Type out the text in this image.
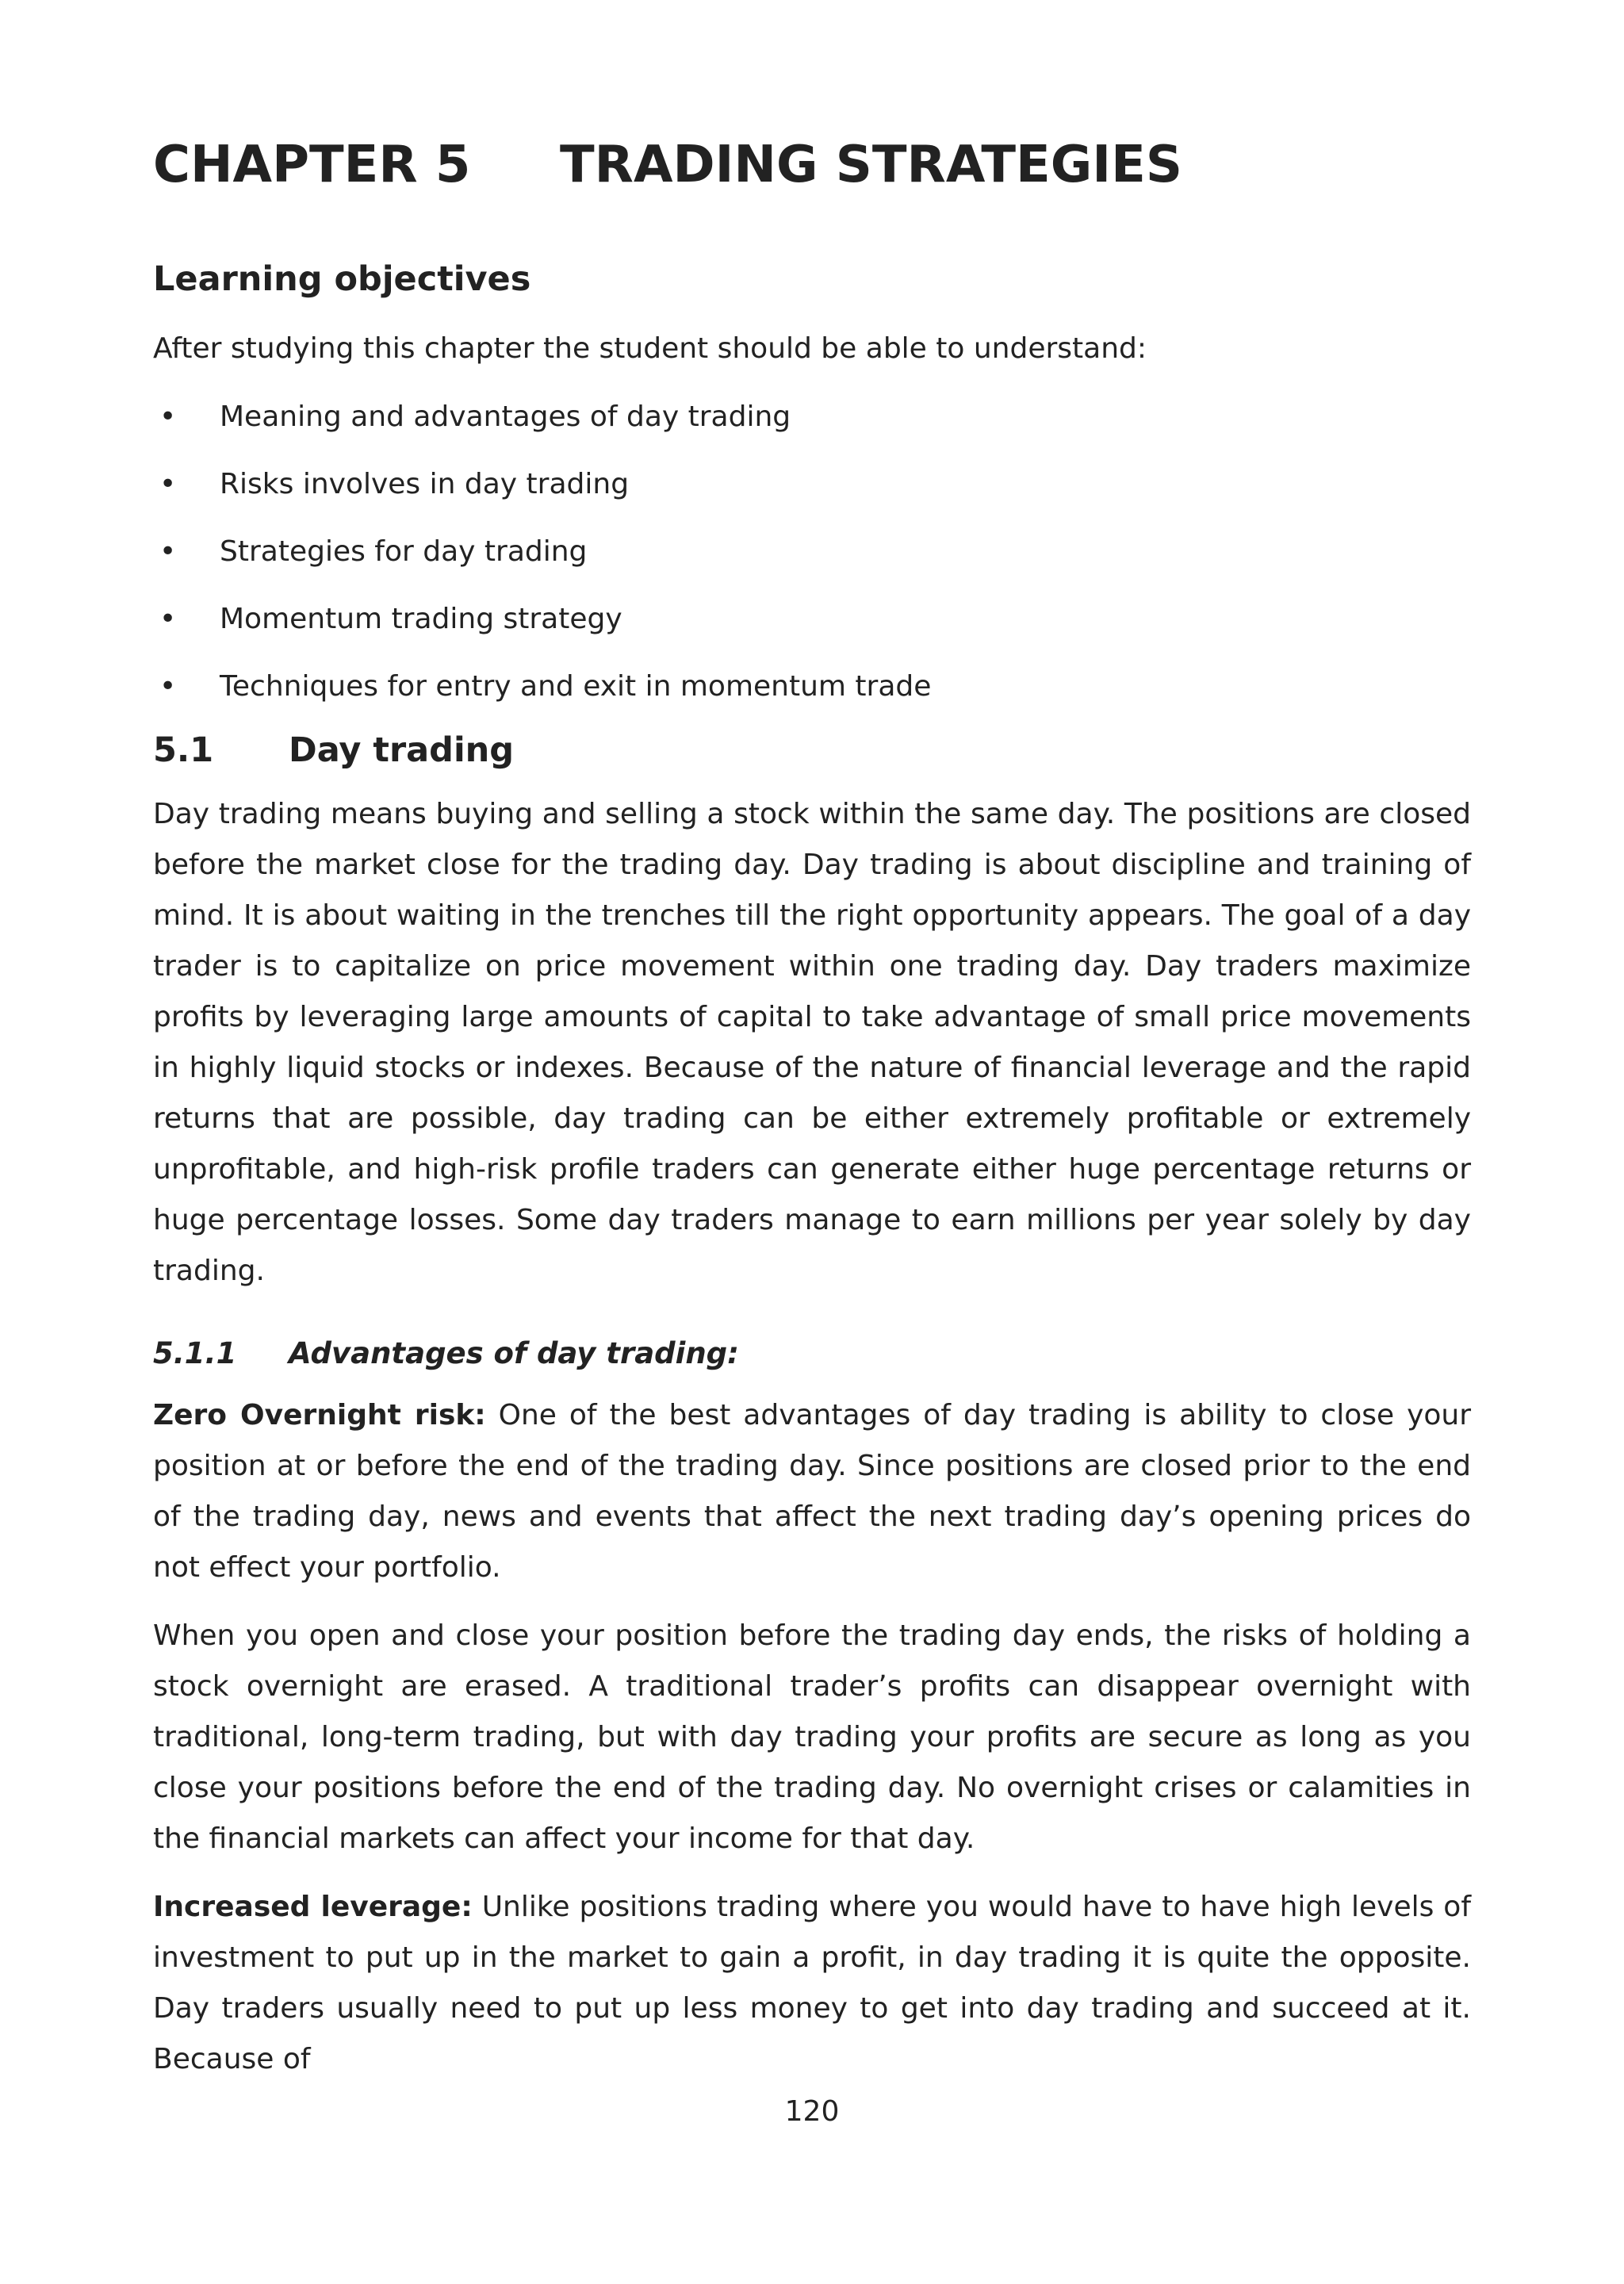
CHAPTER 5 TRADING STRATEGIES
Learning objectives

After studying this chapter the student should be able to understand:

• Meaning and advantages of day trading
• Risks involves in day trading
• Strategies for day trading
• Momentum trading strategy
• Techniques for entry and exit in momentum trade
5.1 Day trading

Day trading means buying and selling a stock within the same day. The positions are closed before the market close for the trading day. Day trading is about discipline and training of mind. It is about waiting in the trenches till the right opportunity appears. The goal of a day trader is to capitalize on price movement within one trading day. Day traders maximize profits by leveraging large amounts of capital to take advantage of small price movements in highly liquid stocks or indexes. Because of the nature of financial leverage and the rapid returns that are possible, day trading can be either extremely profitable or extremely unprofitable, and high-risk profile traders can generate either huge percentage returns or huge percentage losses. Some day traders manage to earn millions per year solely by day trading.

5.1.1 Advantages of day trading:

Zero Overnight risk: One of the best advantages of day trading is ability to close your position at or before the end of the trading day. Since positions are closed prior to the end of the trading day, news and events that affect the next trading day’s opening prices do not effect your portfolio.

When you open and close your position before the trading day ends, the risks of holding a stock overnight are erased. A traditional trader’s profits can disappear overnight with traditional, long-term trading, but with day trading your profits are secure as long as you close your positions before the end of the trading day. No overnight crises or calamities in the financial markets can affect your income for that day.

Increased leverage: Unlike positions trading where you would have to have high levels of investment to put up in the market to gain a profit, in day trading it is quite the opposite. Day traders usually need to put up less money to get into day trading and succeed at it. Because of

120
